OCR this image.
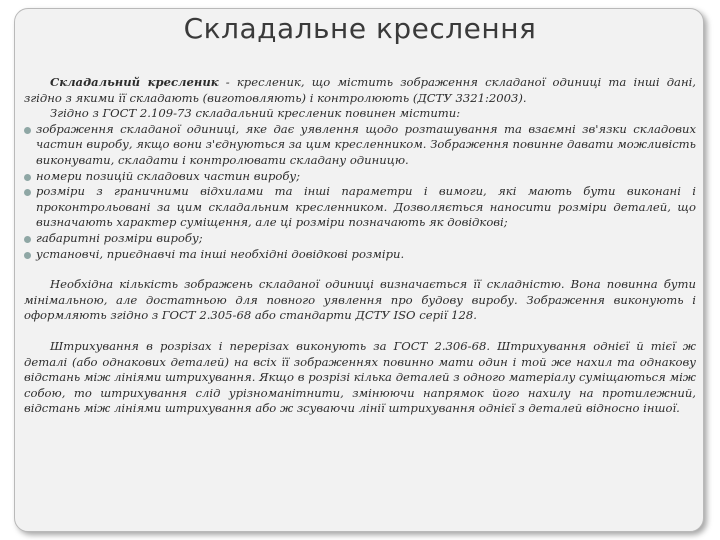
Складальне креслення

Складальний кресленик - кресленик, що містить зображення складаної одиниці та інші дані, згідно з якими її складають (виготовляють) і контролюють (ДСТУ 3321:2003).

Згідно з ГОСТ 2.109-73 складальний кресленик повинен містити:

зображення складаної одиниці, яке дає уявлення щодо розташування та взаємні зв'язки складових частин виробу, якщо вони з'єднуються за цим кресленником. Зображення повинне давати можливість виконувати, складати і контролювати складану одиницю.
номери позицій складових частин виробу;
розміри з граничними відхилами та інші параметри і вимоги, які мають бути виконані і проконтрольовані за цим складальним кресленником. Дозволяється наносити розміри деталей, що визначають характер суміщення, але ці розміри позначають як довідкові;
габаритні розміри виробу;
установчі, приєднавчі та інші необхідні довідкові розміри.

Необхідна кількість зображень складаної одиниці визначається її складністю. Вона повинна бути мінімальною, але достатньою для повного уявлення про будову виробу. Зображення виконують і оформляють згідно з ГОСТ 2.305-68 або стандарти ДСТУ ISO серії 128.

Штрихування в розрізах і перерізах виконують за ГОСТ 2.306-68. Штрихування однієї й тієї ж деталі (або однакових деталей) на всіх її зображеннях повинно мати один і той же нахил та однакову відстань між лініями штрихування. Якщо в розрізі кілька деталей з одного матеріалу суміщаються між собою, то штрихування слід урізноманітнити, змінюючи напрямок його нахилу на протилежний, відстань між лініями штрихування або ж зсуваючи лінії штрихування однієї з деталей відносно іншої.
